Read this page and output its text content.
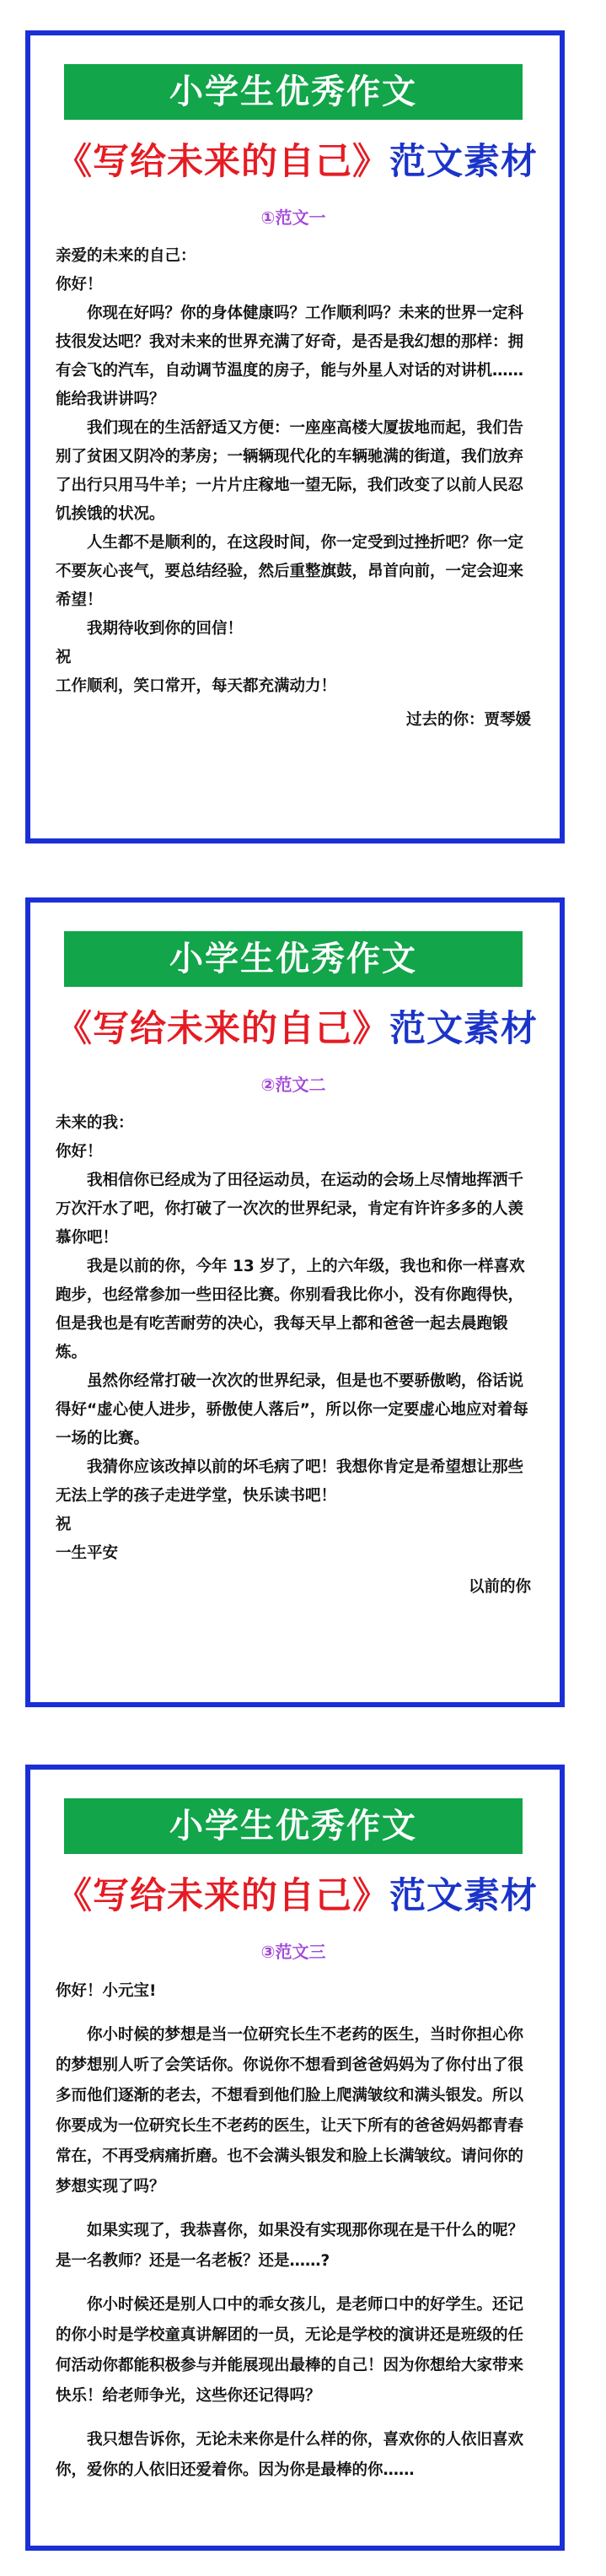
小学生优秀作文
《写给未来的自己》范文素材
①范文一

亲爱的未来的自己：

你好！

你现在好吗？你的身体健康吗？工作顺利吗？未来的世界一定科技很发达吧？我对未来的世界充满了好奇，是否是我幻想的那样：拥有会飞的汽车，自动调节温度的房子，能与外星人对话的对讲机……能给我讲讲吗？

我们现在的生活舒适又方便：一座座高楼大厦拔地而起，我们告别了贫困又阴冷的茅房；一辆辆现代化的车辆驰满的街道，我们放弃了出行只用马牛羊；一片片庄稼地一望无际，我们改变了以前人民忍饥挨饿的状况。

人生都不是顺利的，在这段时间，你一定受到过挫折吧？你一定不要灰心丧气，要总结经验，然后重整旗鼓，昂首向前，一定会迎来希望！

我期待收到你的回信！

祝

工作顺利，笑口常开，每天都充满动力！

过去的你：贾琴媛

小学生优秀作文
《写给未来的自己》范文素材
②范文二

未来的我：

你好！

我相信你已经成为了田径运动员，在运动的会场上尽情地挥洒千万次汗水了吧，你打破了一次次的世界纪录，肯定有许许多多的人羡慕你吧！

我是以前的你，今年 13 岁了，上的六年级，我也和你一样喜欢跑步，也经常参加一些田径比赛。你别看我比你小，没有你跑得快，但是我也是有吃苦耐劳的决心，我每天早上都和爸爸一起去晨跑锻炼。

虽然你经常打破一次次的世界纪录，但是也不要骄傲哟，俗话说得好“虚心使人进步，骄傲使人落后”，所以你一定要虚心地应对着每一场的比赛。

我猜你应该改掉以前的坏毛病了吧！我想你肯定是希望想让那些无法上学的孩子走进学堂，快乐读书吧！

祝

一生平安

以前的你

小学生优秀作文
《写给未来的自己》范文素材
③范文三

你好！小元宝!

你小时候的梦想是当一位研究长生不老药的医生，当时你担心你的梦想别人听了会笑话你。你说你不想看到爸爸妈妈为了你付出了很多而他们逐渐的老去，不想看到他们脸上爬满皱纹和满头银发。所以你要成为一位研究长生不老药的医生，让天下所有的爸爸妈妈都青春常在，不再受病痛折磨。也不会满头银发和脸上长满皱纹。请问你的梦想实现了吗？

如果实现了，我恭喜你，如果没有实现那你现在是干什么的呢？是一名教师？还是一名老板？还是……?

你小时候还是别人口中的乖女孩儿，是老师口中的好学生。还记的你小时是学校童真讲解团的一员，无论是学校的演讲还是班级的任何活动你都能积极参与并能展现出最棒的自己！因为你想给大家带来快乐！给老师争光，这些你还记得吗？

我只想告诉你，无论未来你是什么样的你，喜欢你的人依旧喜欢你，爱你的人依旧还爱着你。因为你是最棒的你……
